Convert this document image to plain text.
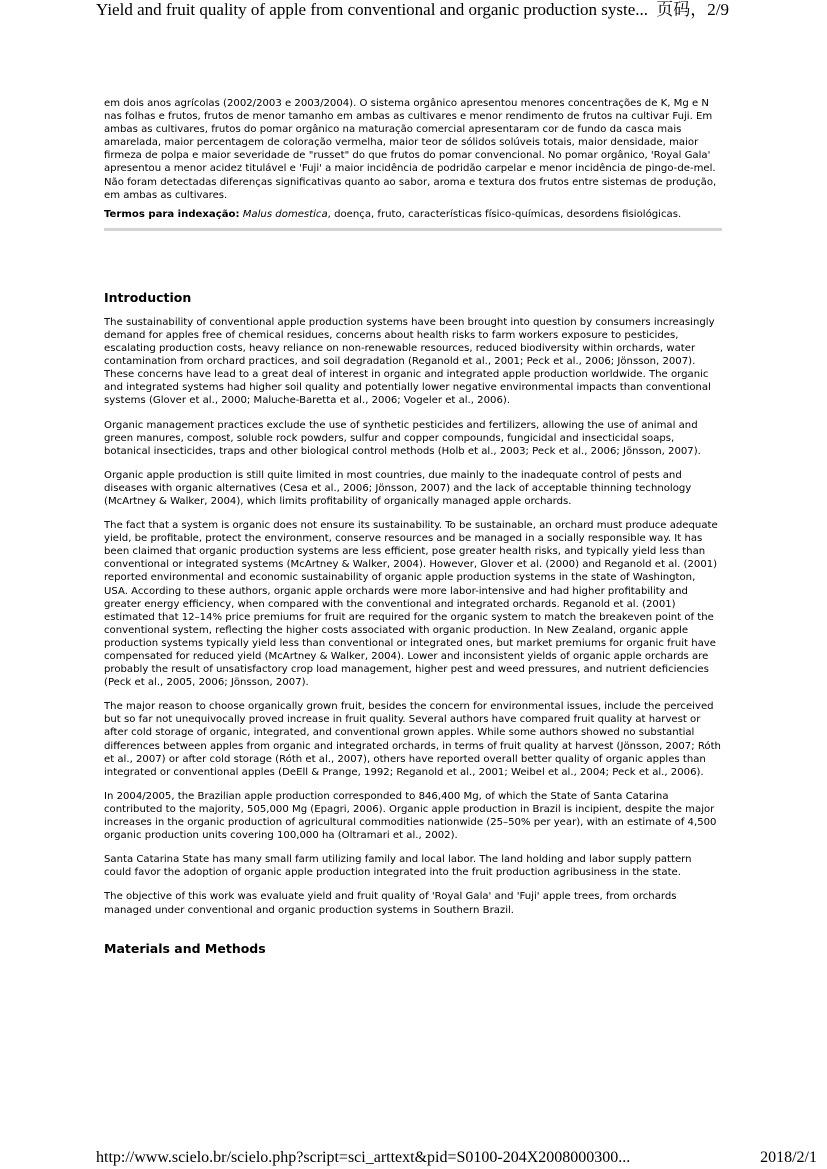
Yield and fruit quality of apple from conventional and organic production syste... 页码，2/9

em dois anos agrícolas (2002/2003 e 2003/2004). O sistema orgânico apresentou menores concentrações de K, Mg e N nas folhas e frutos, frutos de menor tamanho em ambas as cultivares e menor rendimento de frutos na cultivar Fuji. Em ambas as cultivares, frutos do pomar orgânico na maturação comercial apresentaram cor de fundo da casca mais amarelada, maior percentagem de coloração vermelha, maior teor de sólidos solúveis totais, maior densidade, maior firmeza de polpa e maior severidade de "russet" do que frutos do pomar convencional. No pomar orgânico, 'Royal Gala' apresentou a menor acidez titulável e 'Fuji' a maior incidência de podridão carpelar e menor incidência de pingo-de-mel. Não foram detectadas diferenças significativas quanto ao sabor, aroma e textura dos frutos entre sistemas de produção, em ambas as cultivares.

Termos para indexação: Malus domestica, doença, fruto, características físico-químicas, desordens fisiológicas.

Introduction

The sustainability of conventional apple production systems have been brought into question by consumers increasingly demand for apples free of chemical residues, concerns about health risks to farm workers exposure to pesticides, escalating production costs, heavy reliance on non-renewable resources, reduced biodiversity within orchards, water contamination from orchard practices, and soil degradation (Reganold et al., 2001; Peck et al., 2006; Jönsson, 2007). These concerns have lead to a great deal of interest in organic and integrated apple production worldwide. The organic and integrated systems had higher soil quality and potentially lower negative environmental impacts than conventional systems (Glover et al., 2000; Maluche-Baretta et al., 2006; Vogeler et al., 2006).

Organic management practices exclude the use of synthetic pesticides and fertilizers, allowing the use of animal and green manures, compost, soluble rock powders, sulfur and copper compounds, fungicidal and insecticidal soaps, botanical insecticides, traps and other biological control methods (Holb et al., 2003; Peck et al., 2006; Jönsson, 2007).

Organic apple production is still quite limited in most countries, due mainly to the inadequate control of pests and diseases with organic alternatives (Cesa et al., 2006; Jönsson, 2007) and the lack of acceptable thinning technology (McArtney & Walker, 2004), which limits profitability of organically managed apple orchards.

The fact that a system is organic does not ensure its sustainability. To be sustainable, an orchard must produce adequate yield, be profitable, protect the environment, conserve resources and be managed in a socially responsible way. It has been claimed that organic production systems are less efficient, pose greater health risks, and typically yield less than conventional or integrated systems (McArtney & Walker, 2004). However, Glover et al. (2000) and Reganold et al. (2001) reported environmental and economic sustainability of organic apple production systems in the state of Washington, USA. According to these authors, organic apple orchards were more labor-intensive and had higher profitability and greater energy efficiency, when compared with the conventional and integrated orchards. Reganold et al. (2001) estimated that 12–14% price premiums for fruit are required for the organic system to match the breakeven point of the conventional system, reflecting the higher costs associated with organic production. In New Zealand, organic apple production systems typically yield less than conventional or integrated ones, but market premiums for organic fruit have compensated for reduced yield (McArtney & Walker, 2004). Lower and inconsistent yields of organic apple orchards are probably the result of unsatisfactory crop load management, higher pest and weed pressures, and nutrient deficiencies (Peck et al., 2005, 2006; Jönsson, 2007).

The major reason to choose organically grown fruit, besides the concern for environmental issues, include the perceived but so far not unequivocally proved increase in fruit quality. Several authors have compared fruit quality at harvest or after cold storage of organic, integrated, and conventional grown apples. While some authors showed no substantial differences between apples from organic and integrated orchards, in terms of fruit quality at harvest (Jönsson, 2007; Róth et al., 2007) or after cold storage (Róth et al., 2007), others have reported overall better quality of organic apples than integrated or conventional apples (DeEll & Prange, 1992; Reganold et al., 2001; Weibel et al., 2004; Peck et al., 2006).

In 2004/2005, the Brazilian apple production corresponded to 846,400 Mg, of which the State of Santa Catarina contributed to the majority, 505,000 Mg (Epagri, 2006). Organic apple production in Brazil is incipient, despite the major increases in the organic production of agricultural commodities nationwide (25–50% per year), with an estimate of 4,500 organic production units covering 100,000 ha (Oltramari et al., 2002).

Santa Catarina State has many small farm utilizing family and local labor. The land holding and labor supply pattern could favor the adoption of organic apple production integrated into the fruit production agribusiness in the state.

The objective of this work was evaluate yield and fruit quality of 'Royal Gala' and 'Fuji' apple trees, from orchards managed under conventional and organic production systems in Southern Brazil.

Materials and Methods
http://www.scielo.br/scielo.php?script=sci_arttext&pid=S0100-204X2008000300...	2018/2/1
